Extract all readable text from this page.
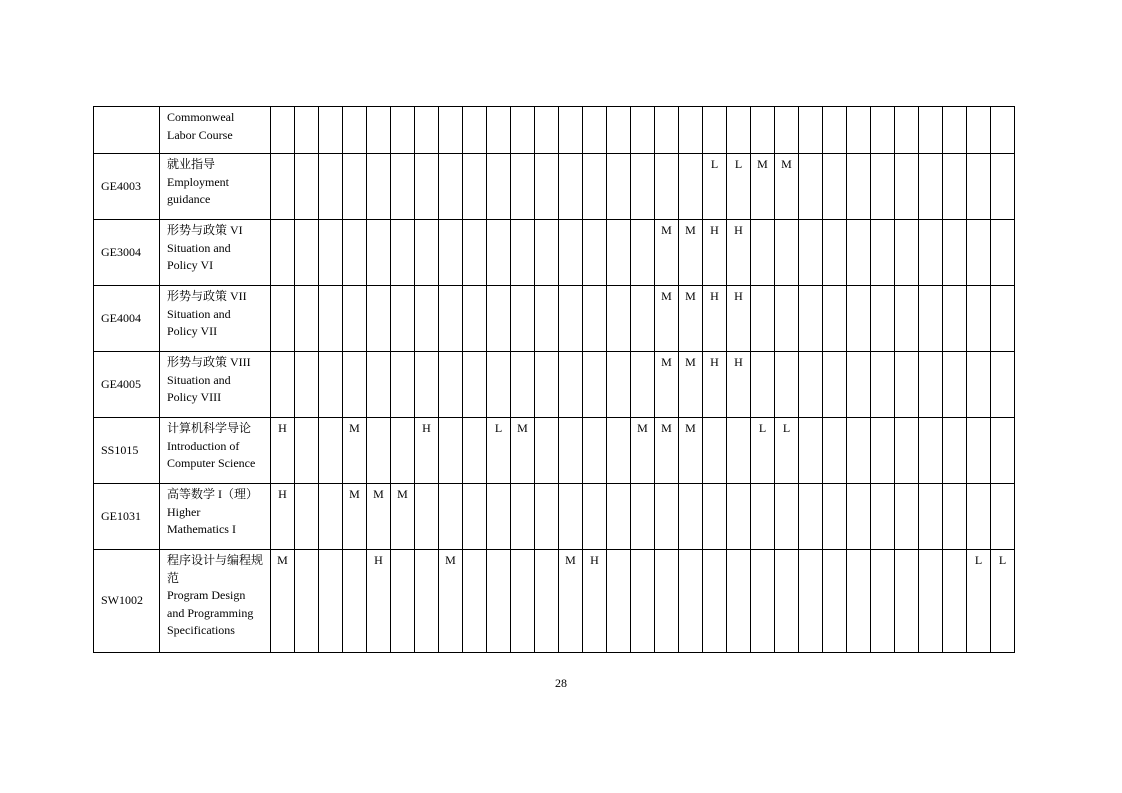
	Commonweal
Labor Course																															

GE4003	就业指导
Employment
guidance																			L	L	M	M									
GE3004	形势与政策 VI
Situation and
Policy VI																	M	M	H	H											
GE4004	形势与政策 VII
Situation and
Policy VII																	M	M	H	H											
GE4005	形势与政策 VIII
Situation and
Policy VIII																	M	M	H	H											
SS1015	计算机科学导论
Introduction of
Computer Science	H			M			H			L	M					M	M	M			L	L									
GE1031	高等数学 I（理）
Higher
Mathematics I	H			M	M	M																									
SW1002	程序设计与编程规
范
Program Design
and Programming
Specifications	M				H			M					M	H																L	L
28
